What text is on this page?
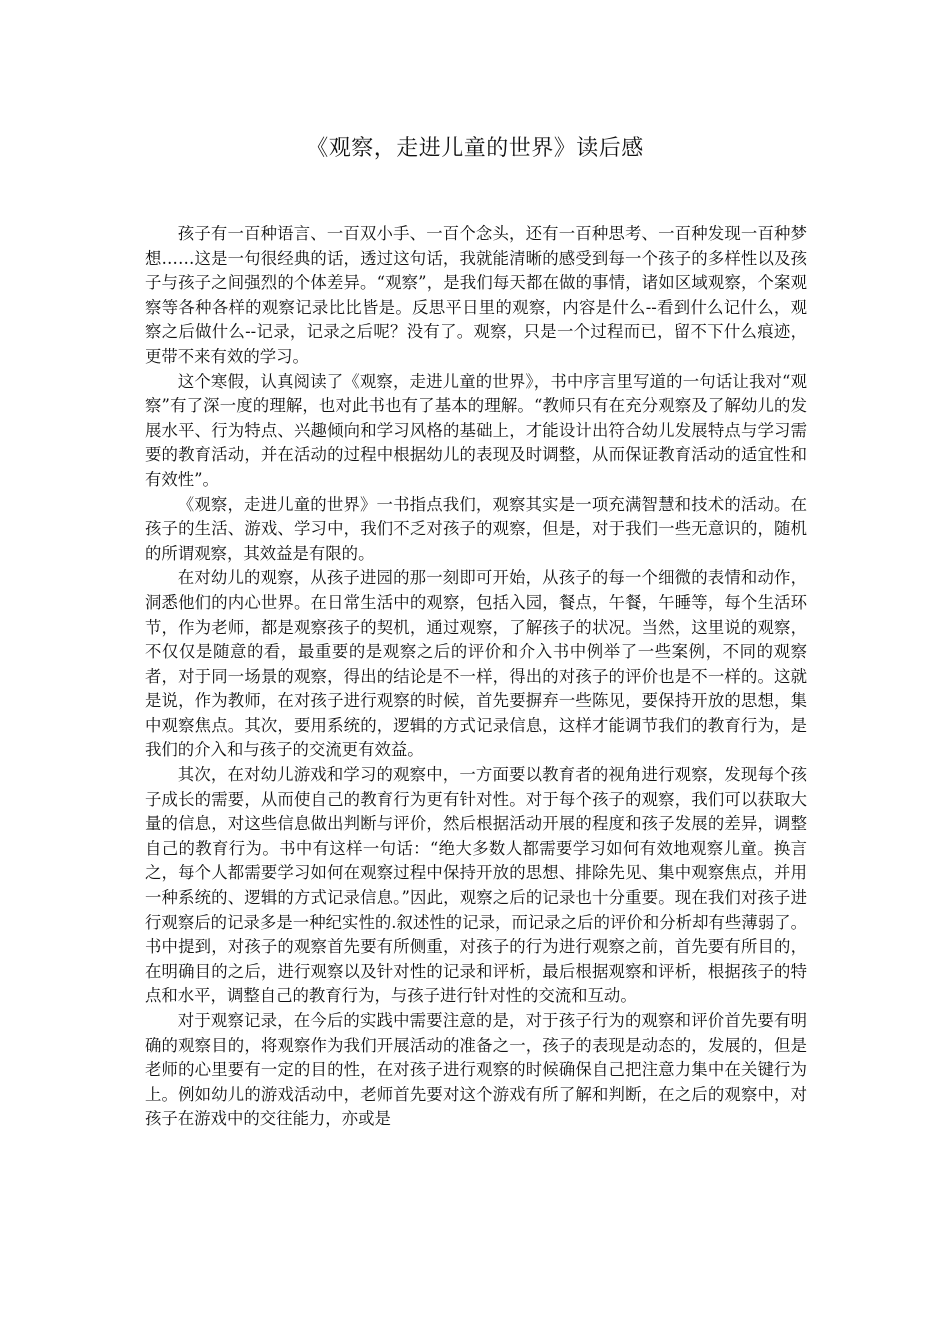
《观察，走进儿童的世界》读后感

孩子有一百种语言、一百双小手、一百个念头，还有一百种思考、一百种发现一百种梦想……这是一句很经典的话，透过这句话，我就能清晰的感受到每一个孩子的多样性以及孩子与孩子之间强烈的个体差异。“观察”，是我们每天都在做的事情，诸如区域观察，个案观察等各种各样的观察记录比比皆是。反思平日里的观察，内容是什么--看到什么记什么，观察之后做什么--记录，记录之后呢？没有了。观察，只是一个过程而已，留不下什么痕迹，更带不来有效的学习。

这个寒假，认真阅读了《观察，走进儿童的世界》，书中序言里写道的一句话让我对“观察”有了深一度的理解，也对此书也有了基本的理解。“教师只有在充分观察及了解幼儿的发展水平、行为特点、兴趣倾向和学习风格的基础上，才能设计出符合幼儿发展特点与学习需要的教育活动，并在活动的过程中根据幼儿的表现及时调整，从而保证教育活动的适宜性和有效性”。

《观察，走进儿童的世界》一书指点我们，观察其实是一项充满智慧和技术的活动。在孩子的生活、游戏、学习中，我们不乏对孩子的观察，但是，对于我们一些无意识的，随机的所谓观察，其效益是有限的。

在对幼儿的观察，从孩子进园的那一刻即可开始，从孩子的每一个细微的表情和动作，洞悉他们的内心世界。在日常生活中的观察，包括入园，餐点，午餐，午睡等，每个生活环节，作为老师，都是观察孩子的契机，通过观察，了解孩子的状况。当然，这里说的观察，不仅仅是随意的看，最重要的是观察之后的评价和介入书中例举了一些案例，不同的观察者，对于同一场景的观察，得出的结论是不一样，得出的对孩子的评价也是不一样的。这就是说，作为教师，在对孩子进行观察的时候，首先要摒弃一些陈见，要保持开放的思想，集中观察焦点。其次，要用系统的，逻辑的方式记录信息，这样才能调节我们的教育行为，是我们的介入和与孩子的交流更有效益。

其次，在对幼儿游戏和学习的观察中，一方面要以教育者的视角进行观察，发现每个孩子成长的需要，从而使自己的教育行为更有针对性。对于每个孩子的观察，我们可以获取大量的信息，对这些信息做出判断与评价，然后根据活动开展的程度和孩子发展的差异，调整自己的教育行为。书中有这样一句话：“绝大多数人都需要学习如何有效地观察儿童。换言之，每个人都需要学习如何在观察过程中保持开放的思想、排除先见、集中观察焦点，并用一种系统的、逻辑的方式记录信息。”因此，观察之后的记录也十分重要。现在我们对孩子进行观察后的记录多是一种纪实性的.叙述性的记录，而记录之后的评价和分析却有些薄弱了。书中提到，对孩子的观察首先要有所侧重，对孩子的行为进行观察之前，首先要有所目的，在明确目的之后，进行观察以及针对性的记录和评析，最后根据观察和评析，根据孩子的特点和水平，调整自己的教育行为，与孩子进行针对性的交流和互动。

对于观察记录，在今后的实践中需要注意的是，对于孩子行为的观察和评价首先要有明确的观察目的，将观察作为我们开展活动的准备之一，孩子的表现是动态的，发展的，但是老师的心里要有一定的目的性，在对孩子进行观察的时候确保自己把注意力集中在关键行为上。例如幼儿的游戏活动中，老师首先要对这个游戏有所了解和判断，在之后的观察中，对孩子在游戏中的交往能力，亦或是
